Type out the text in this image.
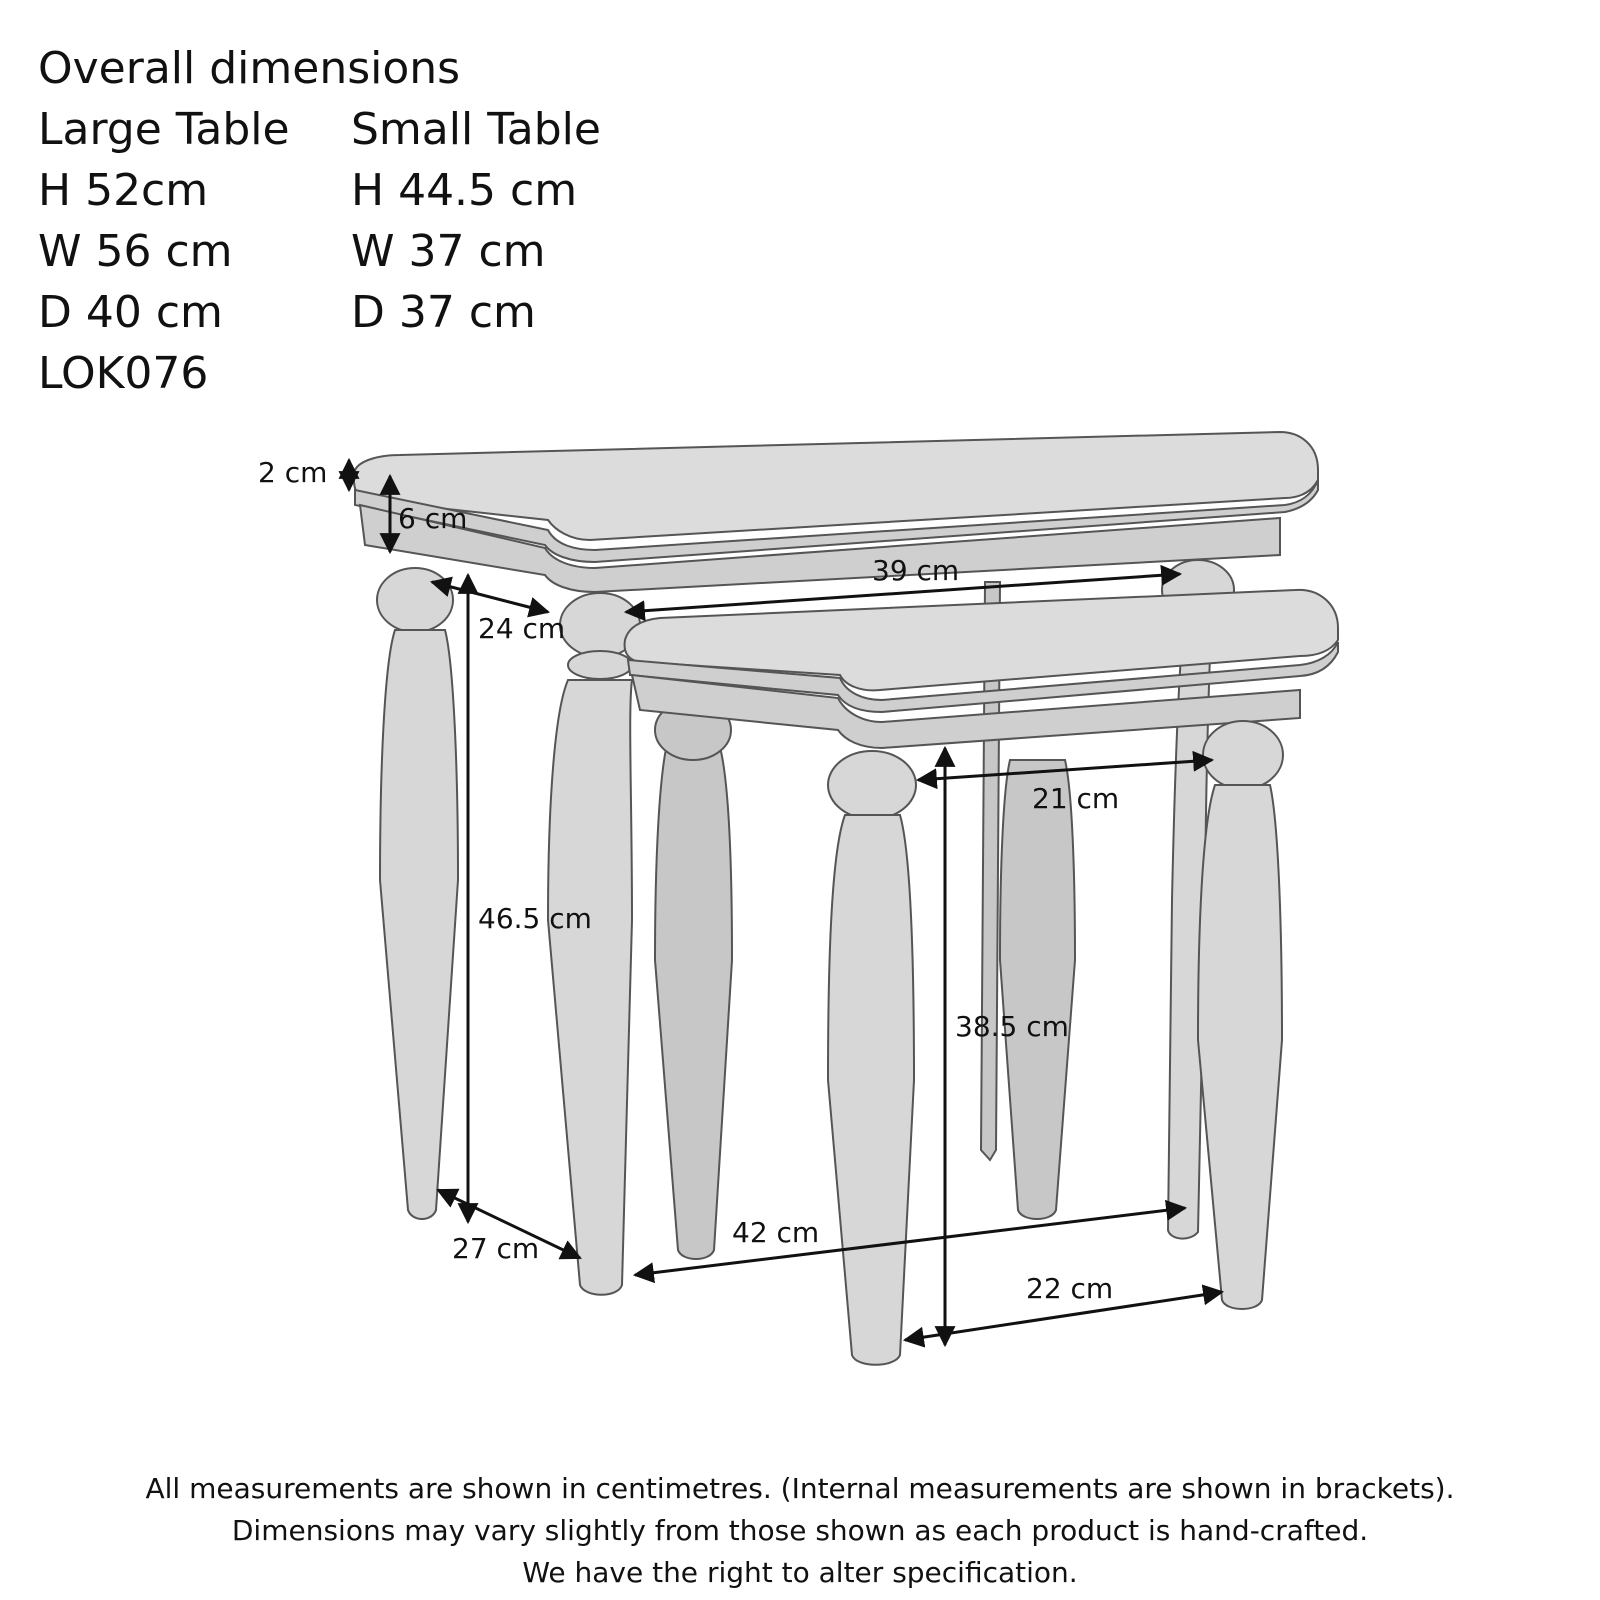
Overall dimensions
Large Table	Small Table
H 52cm	H 44.5 cm
W 56 cm	W 37 cm
D 40 cm	D 37 cm
LOK076
2 cm
6 cm
39 cm
24 cm
46.5 cm
27 cm	42 cm
21 cm
38.5 cm
22 cm
All measurements are shown in centimetres. (Internal measurements are shown in brackets).
Dimensions may vary slightly from those shown as each product is hand-crafted.
We have the right to alter specification.
